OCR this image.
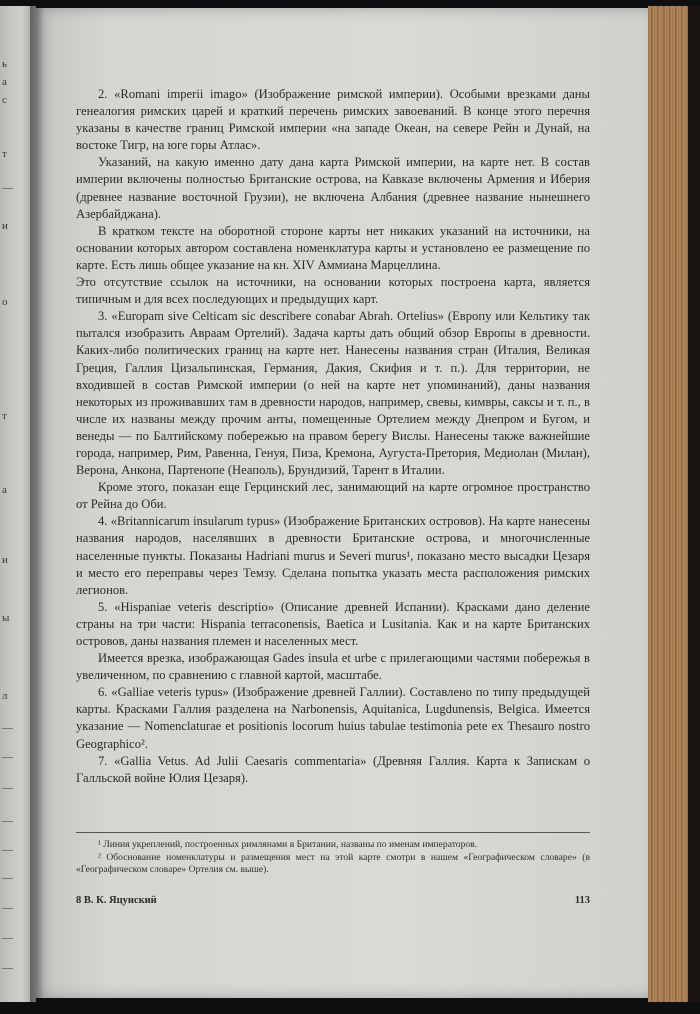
ь
а
с
т
—
и
о
т
а
и
ы
л
—
—
—
—
—
—
—
—
—

2. «Romani imperii imago» (Изображение римской империи). Особыми врезками даны генеалогия римских царей и краткий перечень римских завоеваний. В конце этого перечня указаны в качестве границ Римской империи «на западе Океан, на севере Рейн и Дунай, на востоке Тигр, на юге горы Атлас».

Указаний, на какую именно дату дана карта Римской империи, на карте нет. В состав империи включены полностью Британские острова, на Кавказе включены Армения и Иберия (древнее название восточной Грузии), не включена Албания (древнее название нынешнего Азербайджана).

В кратком тексте на оборотной стороне карты нет никаких указаний на источники, на основании которых автором составлена номенклатура карты и установлено ее размещение по карте. Есть лишь общее указание на кн. XIV Аммиана Марцеллина.

Это отсутствие ссылок на источники, на основании которых построена карта, является типичным и для всех последующих и предыдущих карт.

3. «Europam sive Celticam sic describere conabar Abrah. Ortelius» (Европу или Кельтику так пытался изобразить Авраам Ортелий). Задача карты дать общий обзор Европы в древности. Каких-либо политических границ на карте нет. Нанесены названия стран (Италия, Великая Греция, Галлия Цизальпинская, Германия, Дакия, Скифия и т. п.). Для территории, не входившей в состав Римской империи (о ней на карте нет упоминаний), даны названия некоторых из проживавших там в древности народов, например, свевы, кимвры, саксы и т. п., в числе их названы между прочим анты, помещенные Ортелием между Днепром и Бугом, и венеды — по Балтийскому побережью на правом берегу Вислы. Нанесены также важнейшие города, например, Рим, Равенна, Генуя, Пиза, Кремона, Аугуста-Претория, Медиолан (Милан), Верона, Анкона, Партенопе (Неаполь), Брундизий, Тарент в Италии.

Кроме этого, показан еще Герцинский лес, занимающий на карте огромное пространство от Рейна до Оби.

4. «Britannicarum insularum typus» (Изображение Британских островов). На карте нанесены названия народов, населявших в древности Британские острова, и многочисленные населенные пункты. Показаны Hadriani murus и Severi murus¹, показано место высадки Цезаря и место его переправы через Темзу. Сделана попытка указать места расположения римских легионов.

5. «Hispaniae veteris descriptio» (Описание древней Испании). Красками дано деление страны на три части: Hispania terraconensis, Baetica и Lusitania. Как и на карте Британских островов, даны названия племен и населенных мест.

Имеется врезка, изображающая Gades insula et urbe с прилегающими частями побережья в увеличенном, по сравнению с главной картой, масштабе.

6. «Galliae veteris typus» (Изображение древней Галлии). Составлено по типу предыдущей карты. Красками Галлия разделена на Narbonensis, Aquitanica, Lugdunensis, Belgica. Имеется указание — Nomenclaturae et positionis locorum huius tabulae testimonia pete ex Thesauro nostro Geographico².

7. «Gallia Vetus. Ad Julii Caesaris commentaria» (Древняя Галлия. Карта к Запискам о Галльской войне Юлия Цезаря).

¹ Линия укреплений, построенных римлянами в Британии, названы по именам императоров.

² Обоснование номенклатуры и размещения мест на этой карте смотри в нашем «Географическом словаре» (в «Географическом словаре» Ортелия см. выше).

8 В. К. Яцунский	113
